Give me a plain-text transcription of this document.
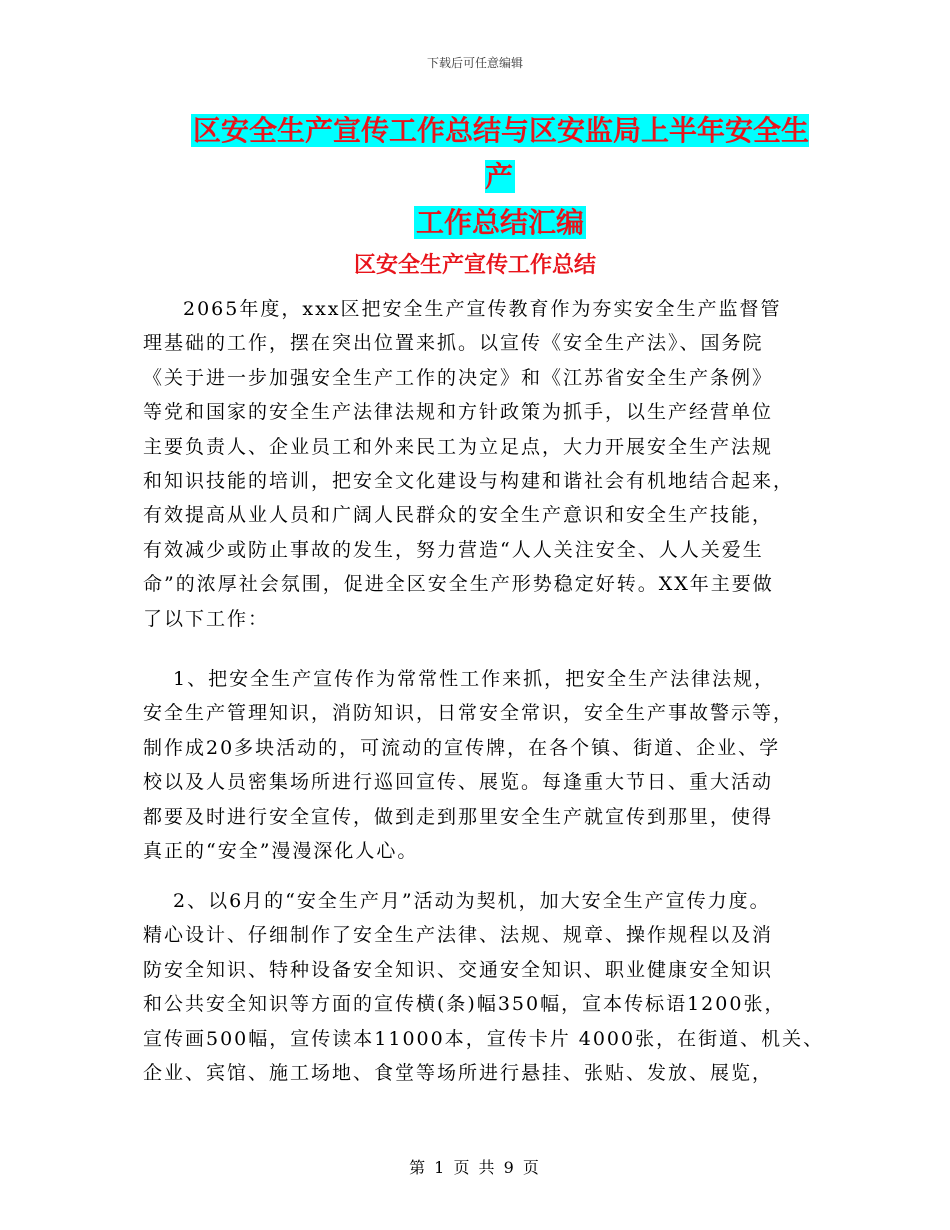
下载后可任意编辑
区安全生产宣传工作总结与区安监局上半年安全生产
工作总结汇编
区安全生产宣传工作总结
2065年度，xxx区把安全生产宣传教育作为夯实安全生产监督管
理基础的工作，摆在突出位置来抓。以宣传《安全生产法》、国务院
《关于进一步加强安全生产工作的决定》和《江苏省安全生产条例》
等党和国家的安全生产法律法规和方针政策为抓手，以生产经营单位
主要负责人、企业员工和外来民工为立足点，大力开展安全生产法规
和知识技能的培训，把安全文化建设与构建和谐社会有机地结合起来，
有效提高从业人员和广阔人民群众的安全生产意识和安全生产技能，
有效减少或防止事故的发生，努力营造“人人关注安全、人人关爱生
命”的浓厚社会氛围，促进全区安全生产形势稳定好转。XX年主要做
了以下工作：
1、把安全生产宣传作为常常性工作来抓，把安全生产法律法规，
安全生产管理知识，消防知识，日常安全常识，安全生产事故警示等，
制作成20多块活动的，可流动的宣传牌，在各个镇、街道、企业、学
校以及人员密集场所进行巡回宣传、展览。每逢重大节日、重大活动
都要及时进行安全宣传，做到走到那里安全生产就宣传到那里，使得
真正的“安全”漫漫深化人心。
2、以6月的“安全生产月”活动为契机，加大安全生产宣传力度。
精心设计、仔细制作了安全生产法律、法规、规章、操作规程以及消
防安全知识、特种设备安全知识、交通安全知识、职业健康安全知识
和公共安全知识等方面的宣传横(条)幅350幅，宣本传标语1200张，
宣传画500幅，宣传读本11000本，宣传卡片 4000张，在街道、机关、
企业、宾馆、施工场地、食堂等场所进行悬挂、张贴、发放、展览，
第 1 页 共 9 页
